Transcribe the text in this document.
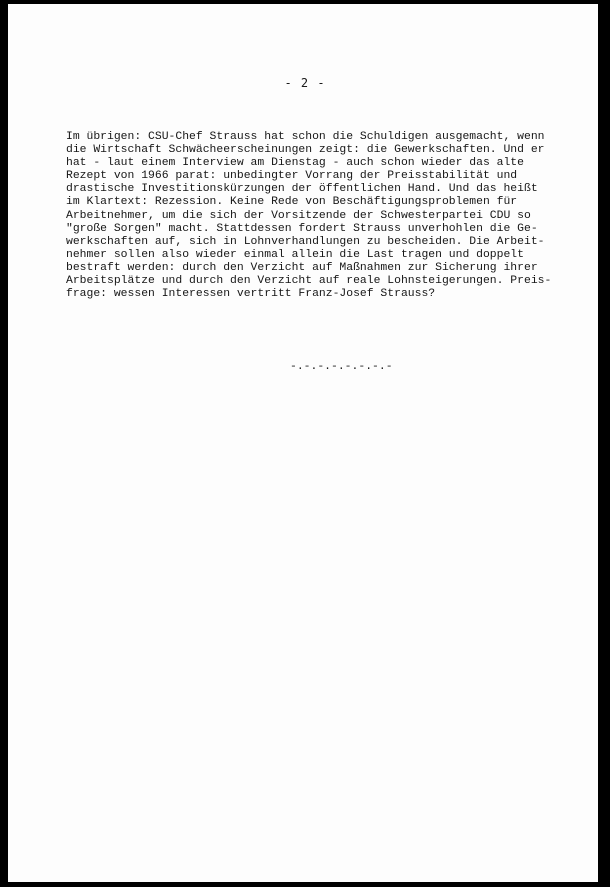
- 2 -
Im übrigen: CSU-Chef Strauss hat schon die Schuldigen ausgemacht, wenn
die Wirtschaft Schwächeerscheinungen zeigt: die Gewerkschaften. Und er
hat - laut einem Interview am Dienstag - auch schon wieder das alte
Rezept von 1966 parat: unbedingter Vorrang der Preisstabilität und
drastische Investitionskürzungen der öffentlichen Hand. Und das heißt
im Klartext: Rezession. Keine Rede von Beschäftigungsproblemen für
Arbeitnehmer, um die sich der Vorsitzende der Schwesterpartei CDU so
"große Sorgen" macht. Stattdessen fordert Strauss unverhohlen die Ge-
werkschaften auf, sich in Lohnverhandlungen zu bescheiden. Die Arbeit-
nehmer sollen also wieder einmal allein die Last tragen und doppelt
bestraft werden: durch den Verzicht auf Maßnahmen zur Sicherung ihrer
Arbeitsplätze und durch den Verzicht auf reale Lohnsteigerungen. Preis-
frage: wessen Interessen vertritt Franz-Josef Strauss?
-.-.-.-.-.-.-.-
